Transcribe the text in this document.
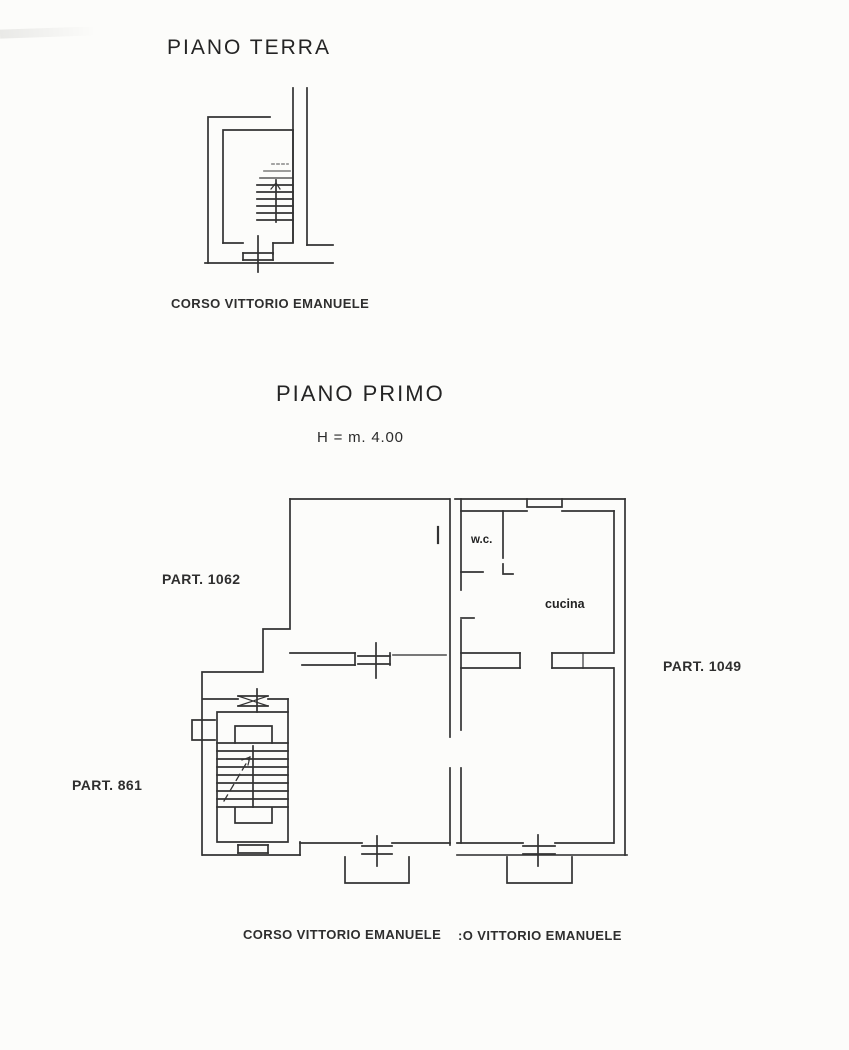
PIANO TERRA
CORSO VITTORIO EMANUELE
PIANO PRIMO
H = m. 4.00
PART. 1062
PART. 1049
PART. 861
w.c.
cucina
CORSO VITTORIO EMANUELE :O VITTORIO EMANUELE
